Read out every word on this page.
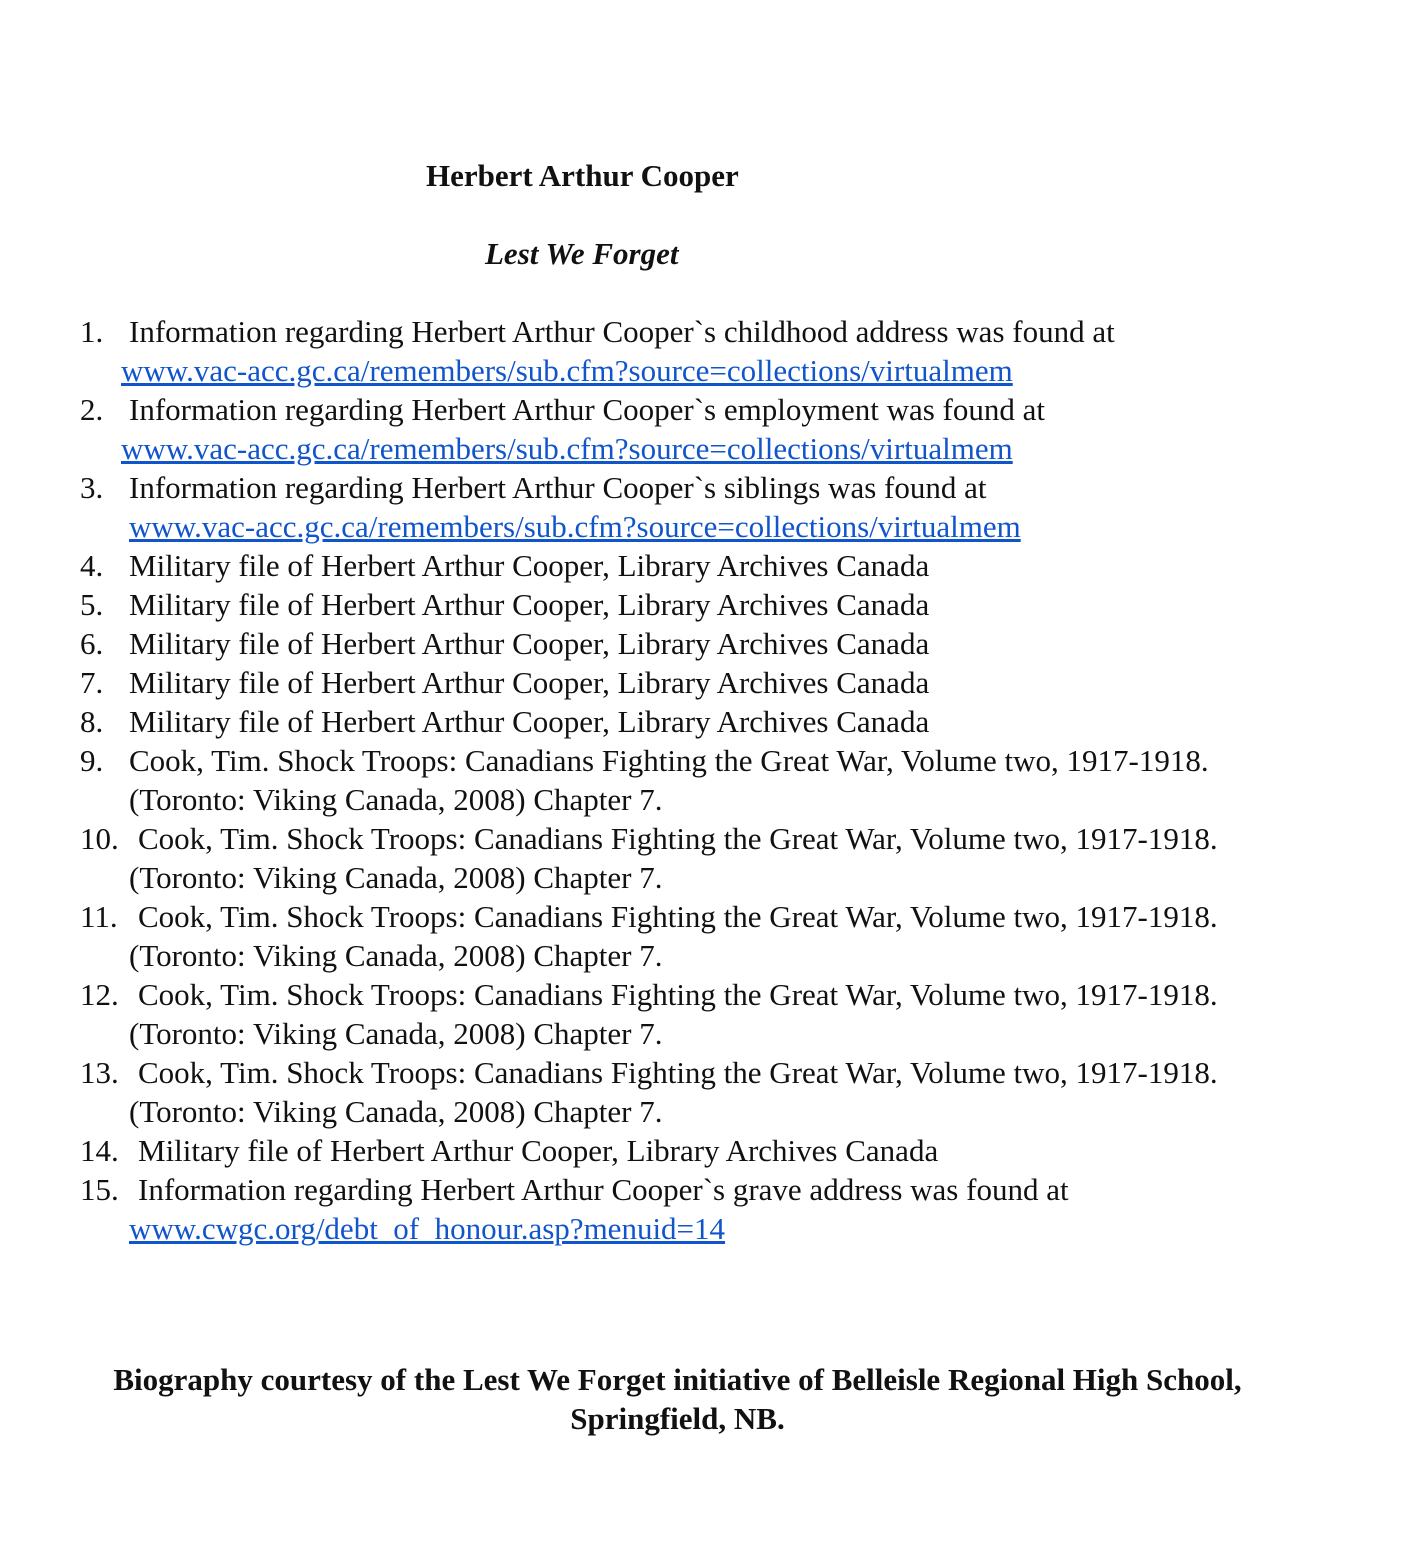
Herbert Arthur Cooper
Lest We Forget
1. Information regarding Herbert Arthur Cooper`s childhood address was found at
www.vac-acc.gc.ca/remembers/sub.cfm?source=collections/virtualmem
2. Information regarding Herbert Arthur Cooper`s employment was found at
www.vac-acc.gc.ca/remembers/sub.cfm?source=collections/virtualmem
3. Information regarding Herbert Arthur Cooper`s siblings was found at
www.vac-acc.gc.ca/remembers/sub.cfm?source=collections/virtualmem
4. Military file of Herbert Arthur Cooper, Library Archives Canada
5. Military file of Herbert Arthur Cooper, Library Archives Canada
6. Military file of Herbert Arthur Cooper, Library Archives Canada
7. Military file of Herbert Arthur Cooper, Library Archives Canada
8. Military file of Herbert Arthur Cooper, Library Archives Canada
9. Cook, Tim. Shock Troops: Canadians Fighting the Great War, Volume two, 1917-1918.
(Toronto: Viking Canada, 2008) Chapter 7.
10. Cook, Tim. Shock Troops: Canadians Fighting the Great War, Volume two, 1917-1918.
(Toronto: Viking Canada, 2008) Chapter 7.
11. Cook, Tim. Shock Troops: Canadians Fighting the Great War, Volume two, 1917-1918.
(Toronto: Viking Canada, 2008) Chapter 7.
12. Cook, Tim. Shock Troops: Canadians Fighting the Great War, Volume two, 1917-1918.
(Toronto: Viking Canada, 2008) Chapter 7.
13. Cook, Tim. Shock Troops: Canadians Fighting the Great War, Volume two, 1917-1918.
(Toronto: Viking Canada, 2008) Chapter 7.
14. Military file of Herbert Arthur Cooper, Library Archives Canada
15. Information regarding Herbert Arthur Cooper`s grave address was found at
www.cwgc.org/debt_of_honour.asp?menuid=14
Biography courtesy of the Lest We Forget initiative of Belleisle Regional High School,
Springfield, NB.
